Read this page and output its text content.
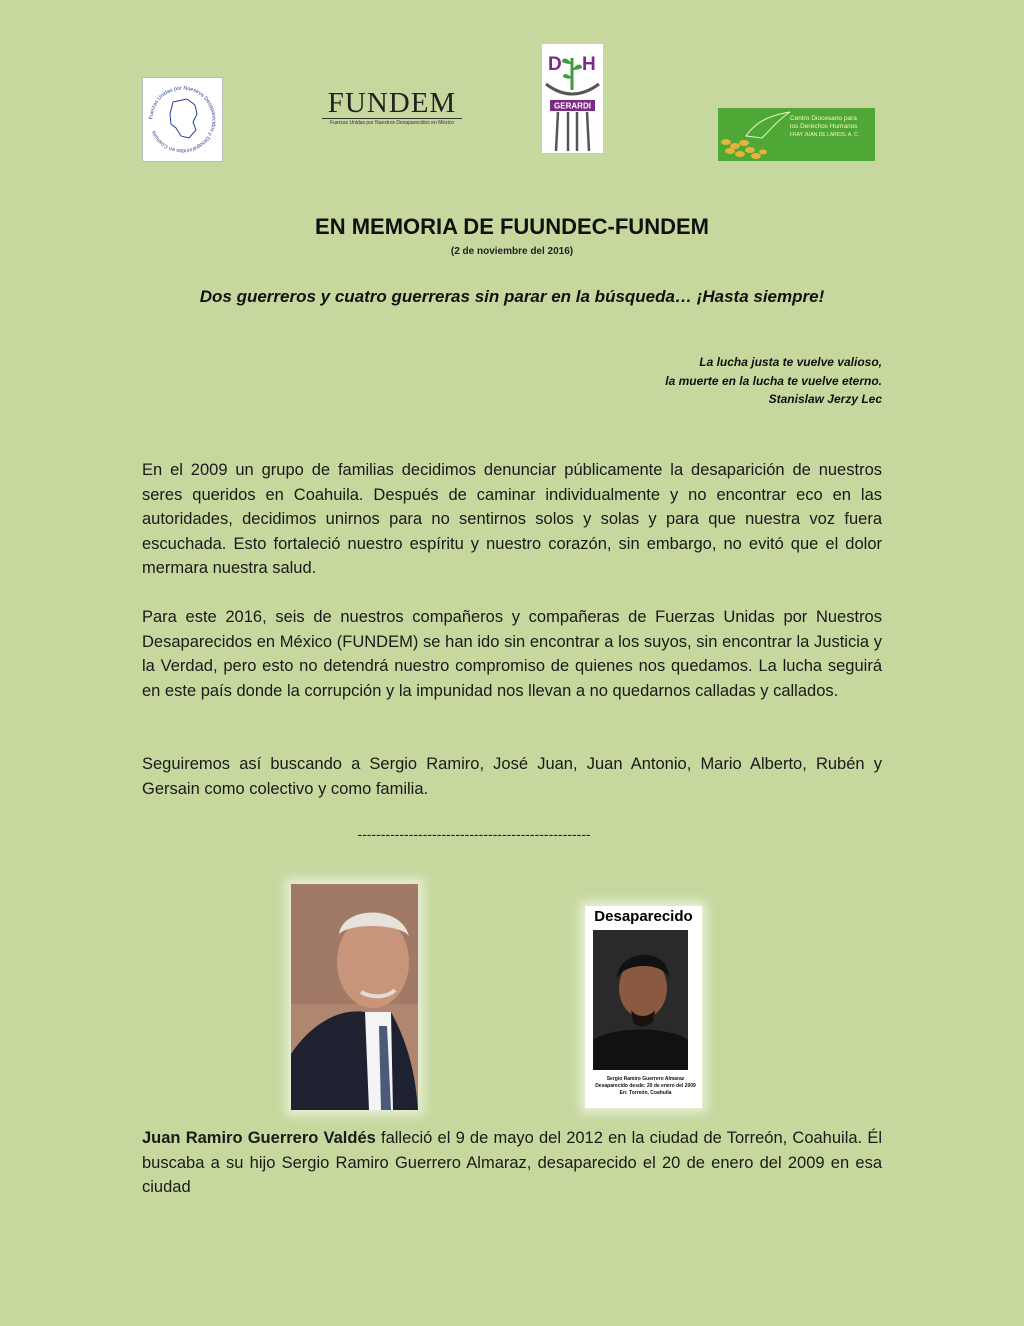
Fuerzas Unidas por Nuestros Desaparecidos y Desaparecidas en Coahuila
FUNDEM
Fuerzas Unidas por Nuestros Desaparecidos en México
D H
GERARDI
Centro Diocesano para
los Derechos Humanos
FRAY JUAN DE LARIOS, A. C.
EN MEMORIA DE FUUNDEC-FUNDEM
(2 de noviembre del 2016)
Dos guerreros y cuatro guerreras sin parar en la búsqueda… ¡Hasta siempre!
La lucha justa te vuelve valioso,
la muerte en la lucha te vuelve eterno.
Stanislaw Jerzy Lec

En el 2009 un grupo de familias decidimos denunciar públicamente la desaparición de nuestros seres queridos en Coahuila. Después de caminar individualmente y no encontrar eco en las autoridades, decidimos unirnos para no sentirnos solos y solas y para que nuestra voz fuera escuchada. Esto fortaleció nuestro espíritu y nuestro corazón, sin embargo, no evitó que el dolor mermara nuestra salud.

Para este 2016, seis de nuestros compañeros y compañeras de Fuerzas Unidas por Nuestros Desaparecidos en México (FUNDEM) se han ido sin encontrar a los suyos, sin encontrar la Justicia y la Verdad, pero esto no detendrá nuestro compromiso de quienes nos quedamos. La lucha seguirá en este país donde la corrupción y la impunidad nos llevan a no quedarnos calladas y callados.

Seguiremos así buscando a Sergio Ramiro, José Juan, Juan Antonio, Mario Alberto, Rubén y Gersain como colectivo y como familia.

--------------------------------------------------
Desaparecido
Sergio Ramiro Guerrero Almaraz
Desaparecido desde: 20 de enero del 2009
En: Torreón, Coahuila

Juan Ramiro Guerrero Valdés falleció el 9 de mayo del 2012 en la ciudad de Torreón, Coahuila. Él buscaba a su hijo Sergio Ramiro Guerrero Almaraz, desaparecido el 20 de enero del 2009 en esa ciudad
